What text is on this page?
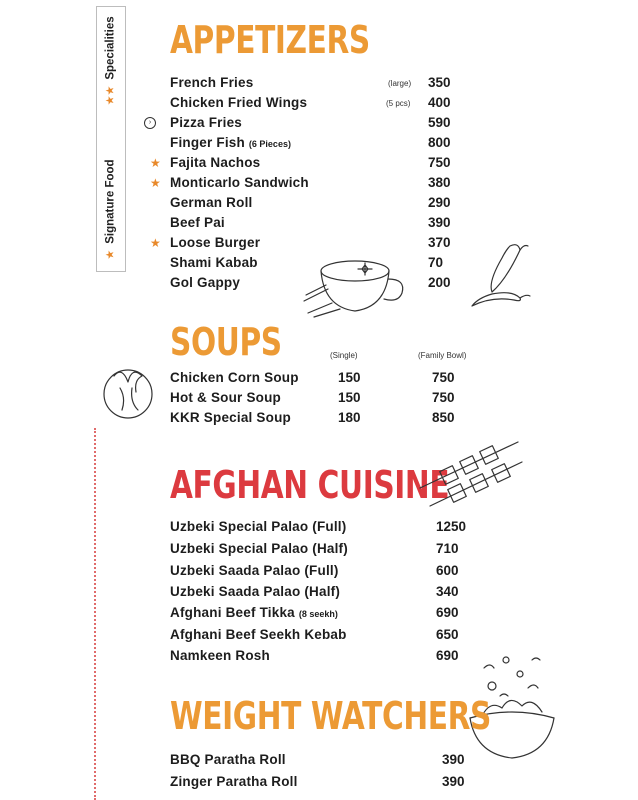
★
Signature Food
★★
Specialities APPETIZERS
French Fries	(large) 350
Chicken Fried Wings	(5 pcs) 400
›	Pizza Fries	590
Finger Fish (6 Pieces)	800
★ Fajita Nachos	750
★ Monticarlo Sandwich	380
German Roll	290
Beef Pai	390
★ Loose Burger	370
Shami Kabab	70
Gol Gappy	200
SOUPS	(Single)	(Family Bowl)
Chicken Corn Soup	150	750
Hot & Sour Soup	150	750
KKR Special Soup	180	850
AFGHAN CUISINE
Uzbeki Special Palao (Full)	1250
Uzbeki Special Palao (Half)	710
Uzbeki Saada Palao (Full)	600
Uzbeki Saada Palao (Half)	340
Afghani Beef Tikka (8 seekh)	690
Afghani Beef Seekh Kebab	650
Namkeen Rosh	690
WEIGHT WATCHERS
BBQ Paratha Roll	390
Zinger Paratha Roll	390
